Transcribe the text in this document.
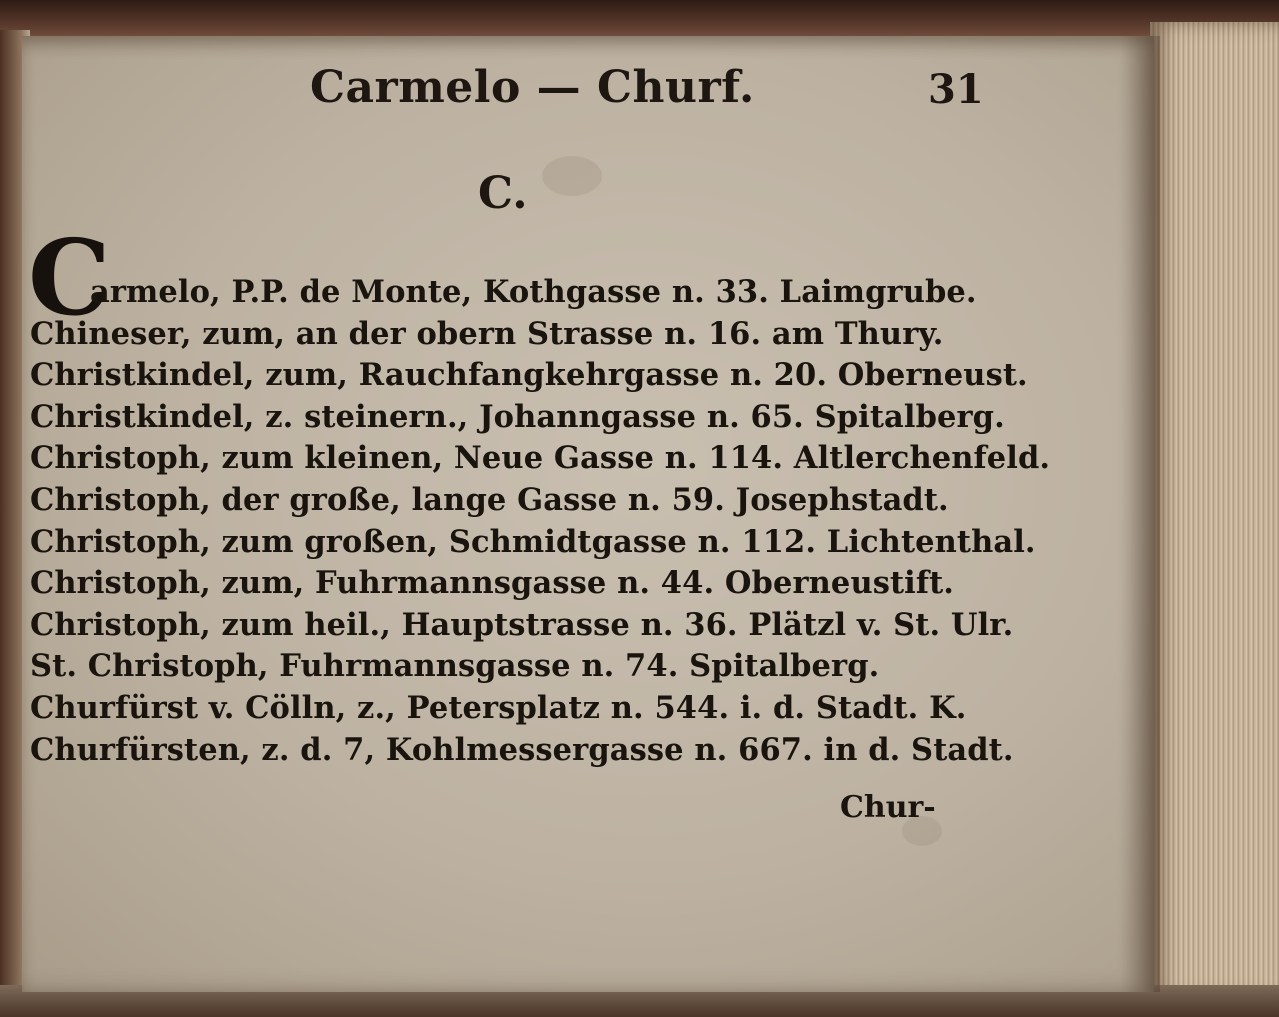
Carmelo — Churf.	31
C.
C
armelo, P.P. de Monte, Kothgasse n. 33. Laimgrube.
Chineser, zum, an der obern Strasse n. 16. am Thury.
Christkindel, zum, Rauchfangkehrgasse n. 20. Oberneust.
Christkindel, z. steinern., Johanngasse n. 65. Spitalberg.
Christoph, zum kleinen, Neue Gasse n. 114. Altlerchenfeld.
Christoph, der große, lange Gasse n. 59. Josephstadt.
Christoph, zum großen, Schmidtgasse n. 112. Lichtenthal.
Christoph, zum, Fuhrmannsgasse n. 44. Oberneustift.
Christoph, zum heil., Hauptstrasse n. 36. Plätzl v. St. Ulr.
St. Christoph, Fuhrmannsgasse n. 74. Spitalberg.
Churfürst v. Cölln, z., Petersplatz n. 544. i. d. Stadt. K.
Churfürsten, z. d. 7, Kohlmessergasse n. 667. in d. Stadt.
Chur-
